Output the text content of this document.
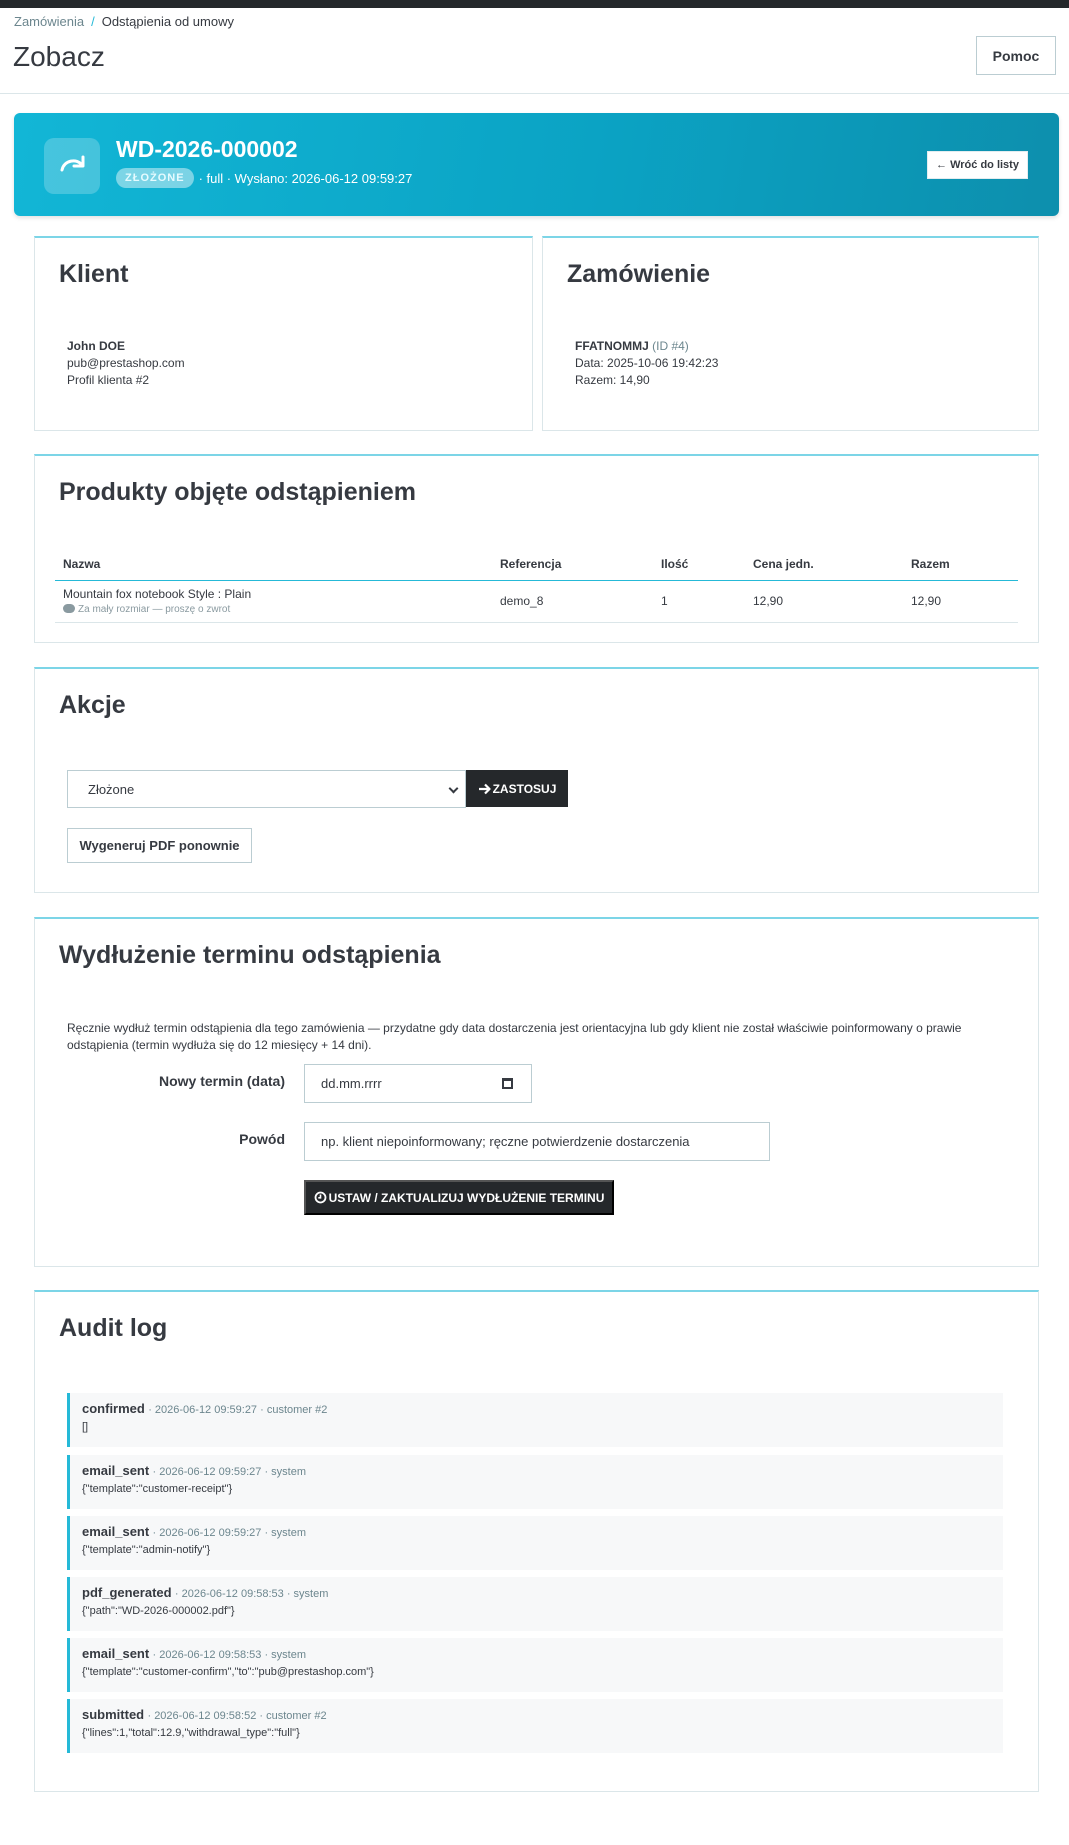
Zamówienia / Odstąpienia od umowy
Zobacz	Pomoc
WD-2026-000002
ZŁOŻONE	· full · Wysłano: 2026-06-12 09:59:27
← Wróć do listy
Klient
John DOE
pub@prestashop.com
Profil klienta #2
Zamówienie
FFATNOMMJ (ID #4)
Data: 2025-10-06 19:42:23
Razem: 14,90
Produkty objęte odstąpieniem
Nazwa	Referencja	Ilość	Cena jedn.	Razem
Mountain fox notebook Style : Plain
Za mały rozmiar — proszę o zwrot	demo_8	1	12,90	12,90
Akcje
Złożone	ZASTOSUJ
Wygeneruj PDF ponownie
Wydłużenie terminu odstąpienia

Ręcznie wydłuż termin odstąpienia dla tego zamówienia — przydatne gdy data dostarczenia jest orientacyjna lub gdy klient nie został właściwie poinformowany o prawie odstąpienia (termin wydłuża się do 12 miesięcy + 14 dni).

Nowy termin (data)	dd.mm.rrrr
Powód	np. klient niepoinformowany; ręczne potwierdzenie dostarczenia
USTAW / ZAKTUALIZUJ WYDŁUŻENIE TERMINU
Audit log
confirmed · 2026-06-12 09:59:27 · customer #2
[]
email_sent · 2026-06-12 09:59:27 · system
{"template":"customer-receipt"}
email_sent · 2026-06-12 09:59:27 · system
{"template":"admin-notify"}
pdf_generated · 2026-06-12 09:58:53 · system
{"path":"WD-2026-000002.pdf"}
email_sent · 2026-06-12 09:58:53 · system
{"template":"customer-confirm","to":"pub@prestashop.com"}
submitted · 2026-06-12 09:58:52 · customer #2
{"lines":1,"total":12.9,"withdrawal_type":"full"}
